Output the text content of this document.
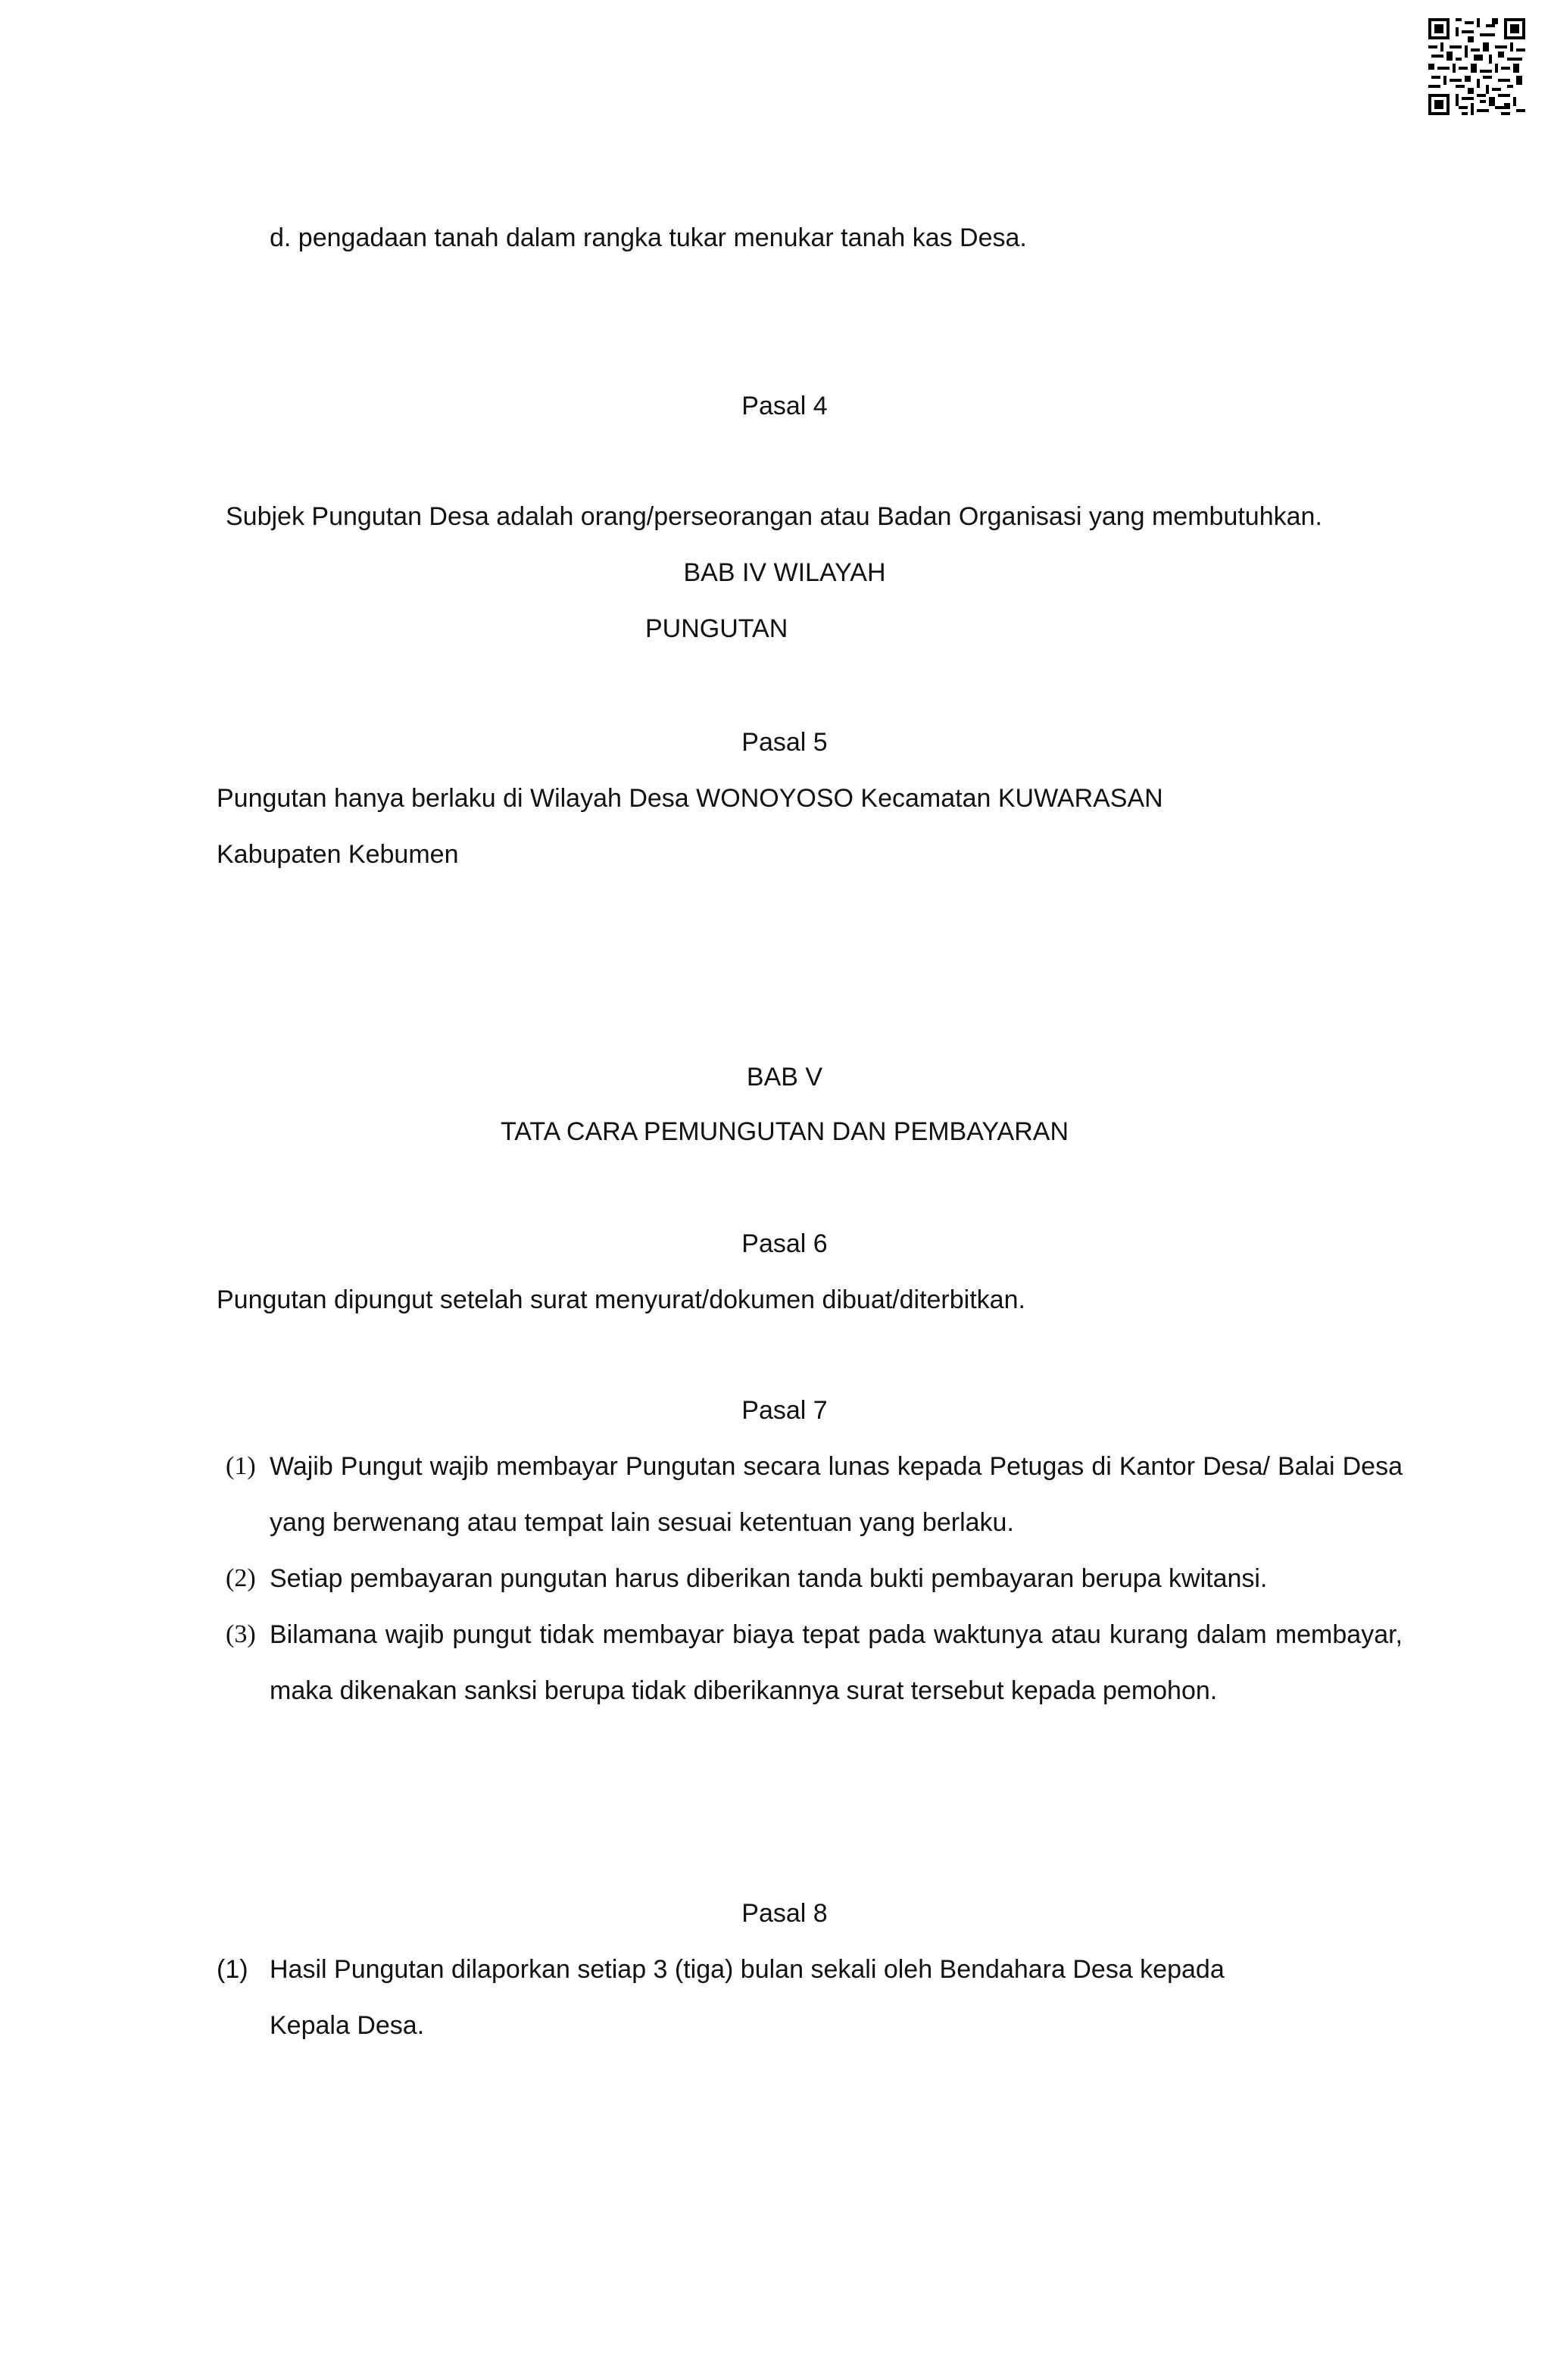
d. pengadaan tanah dalam rangka tukar menukar tanah kas Desa.
Pasal 4
Subjek Pungutan Desa adalah orang/perseorangan atau Badan Organisasi yang membutuhkan.
BAB IV WILAYAH
PUNGUTAN
Pasal 5
Pungutan hanya berlaku di Wilayah Desa WONOYOSO Kecamatan KUWARASAN
Kabupaten Kebumen
BAB V
TATA CARA PEMUNGUTAN DAN PEMBAYARAN
Pasal 6
Pungutan dipungut setelah surat menyurat/dokumen dibuat/diterbitkan.
Pasal 7
(1) Wajib Pungut wajib membayar Pungutan secara lunas kepada Petugas di Kantor Desa/ Balai Desa yang berwenang atau tempat lain sesuai ketentuan yang berlaku.
(2) Setiap pembayaran pungutan harus diberikan tanda bukti pembayaran berupa kwitansi.
(3) Bilamana wajib pungut tidak membayar biaya tepat pada waktunya atau kurang dalam membayar, maka dikenakan sanksi berupa tidak diberikannya surat tersebut kepada pemohon.
Pasal 8
(1) Hasil Pungutan dilaporkan setiap 3 (tiga) bulan sekali oleh Bendahara Desa kepada
Kepala Desa.
